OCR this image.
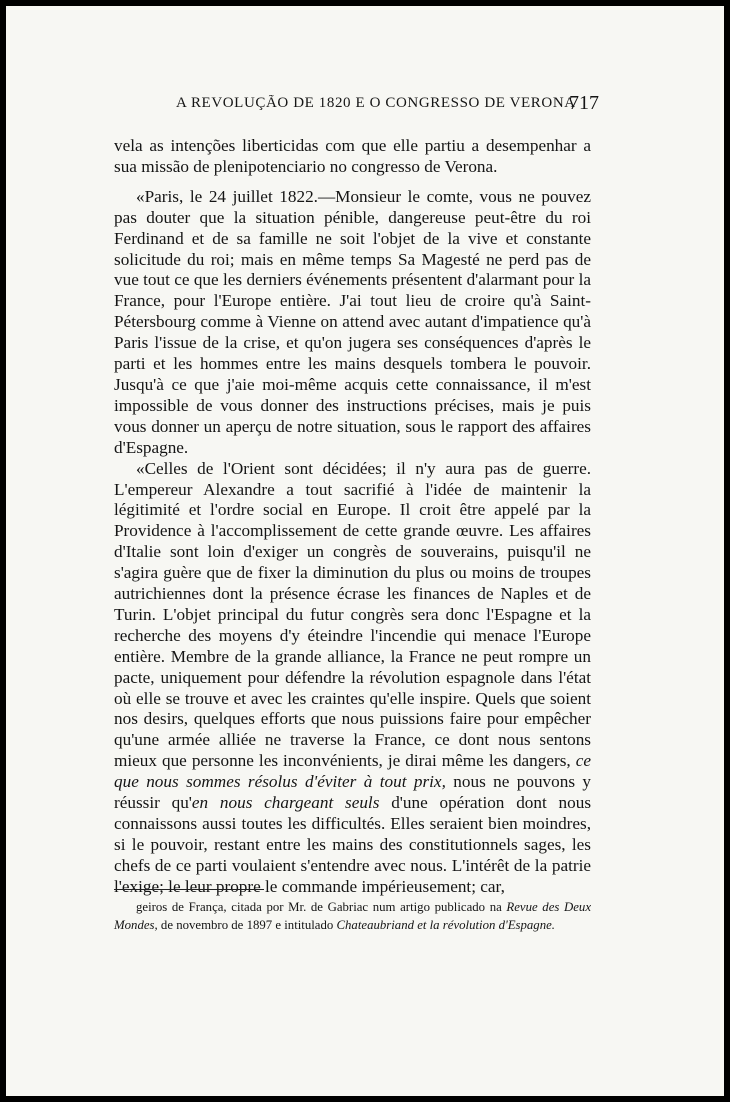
A REVOLUÇÃO DE 1820 E O CONGRESSO DE VERONA
717

vela as intenções liberticidas com que elle partiu a desempenhar a sua missão de plenipotenciario no congresso de Verona.

«Paris, le 24 juillet 1822.—Monsieur le comte, vous ne pouvez pas douter que la situation pénible, dangereuse peut-être du roi Ferdinand et de sa famille ne soit l'objet de la vive et constante solicitude du roi; mais en même temps Sa Magesté ne perd pas de vue tout ce que les derniers événements présentent d'alarmant pour la France, pour l'Europe entière. J'ai tout lieu de croire qu'à Saint-Pétersbourg comme à Vienne on attend avec autant d'impatience qu'à Paris l'issue de la crise, et qu'on jugera ses conséquences d'après le parti et les hommes entre les mains desquels tombera le pouvoir. Jusqu'à ce que j'aie moi-même acquis cette connaissance, il m'est impossible de vous donner des instructions précises, mais je puis vous donner un aperçu de notre situation, sous le rapport des affaires d'Espagne.

«Celles de l'Orient sont décidées; il n'y aura pas de guerre. L'empereur Alexandre a tout sacrifié à l'idée de maintenir la légitimité et l'ordre social en Europe. Il croit être appelé par la Providence à l'accomplissement de cette grande œuvre. Les affaires d'Italie sont loin d'exiger un congrès de souverains, puisqu'il ne s'agira guère que de fixer la diminution du plus ou moins de troupes autrichiennes dont la présence écrase les finances de Naples et de Turin. L'objet principal du futur congrès sera donc l'Espagne et la recherche des moyens d'y éteindre l'incendie qui menace l'Europe entière. Membre de la grande alliance, la France ne peut rompre un pacte, uniquement pour défendre la révolution espagnole dans l'état où elle se trouve et avec les craintes qu'elle inspire. Quels que soient nos desirs, quelques efforts que nous puissions faire pour empêcher qu'une armée alliée ne traverse la France, ce dont nous sentons mieux que personne les inconvénients, je dirai même les dangers, ce que nous sommes résolus d'éviter à tout prix, nous ne pouvons y réussir qu'en nous chargeant seuls d'une opération dont nous connaissons aussi toutes les difficultés. Elles seraient bien moindres, si le pouvoir, restant entre les mains des constitutionnels sages, les chefs de ce parti voulaient s'entendre avec nous. L'intérêt de la patrie l'exige; le leur propre le commande impérieusement; car,

geiros de França, citada por Mr. de Gabriac num artigo publicado na Revue des Deux Mondes, de novembro de 1897 e intitulado Chateaubriand et la révolution d'Espagne.
